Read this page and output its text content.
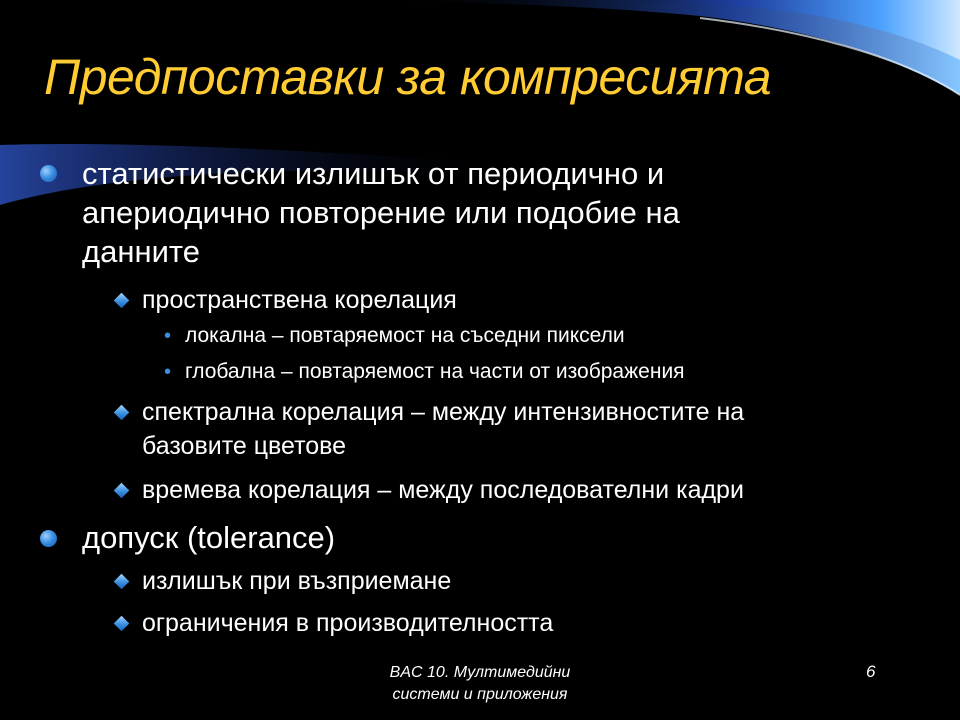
Предпоставки за компресията
статистически излишък от периодично и
апериодично повторение или подобие на
данните
пространствена корелация
• локална – повтаряемост на съседни пиксели
• глобална – повтаряемост на части от изображения
спектрална корелация – между интензивностите на
базовите цветове
времева корелация – между последователни кадри
допуск (tolerance)
излишък при възприемане
ограничения в производителността
BAC 10. Мултимедийни
системи и приложения
6
